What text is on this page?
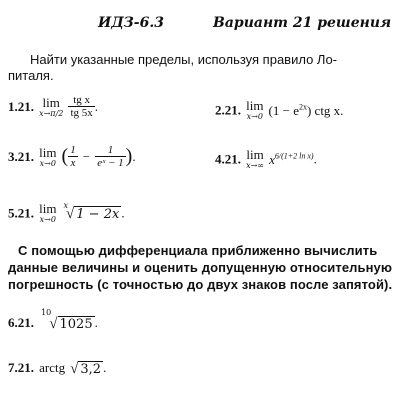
ИДЗ-6.3	Вариант 21 решения
Найти указанные пределы, используя правило Ло-
питаля.
1.21. lim
x→π/2
$\frac{\text{tg x}}{tg 5x}$ .	2.21. lim
x→0 $(1 - e^{2x})$ ctg x.
3.21. lim
x→0 ( $\frac{1}{x} - \frac{1}{\text{eˣ − 1}}$ ).	4.21. lim
x→∞ $x^{6/(1+2 ln x)}$.
5.21. lim
x→0
$^x$√ 1 − 2x .
С помощью дифференциала приближенно вычислить
данные величины и оценить допущенную относительную
погрешность (с точностью до двух знаков после запятой).
6.21. $^{10}$√ 1025 .
7.21. arctg √ 3,2 .
